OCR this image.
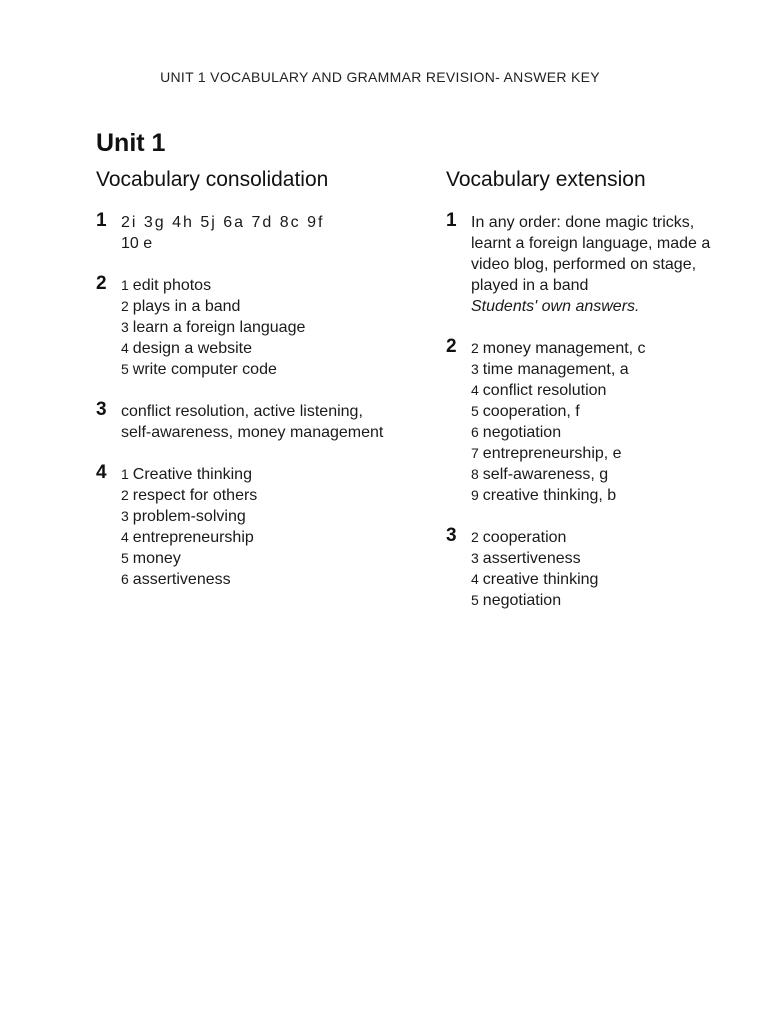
UNIT 1 VOCABULARY AND GRAMMAR REVISION- ANSWER KEY
Unit 1
Vocabulary consolidation
1 2i 3g 4h 5j 6a 7d 8c 9f
10 e
2 1 edit photos
2 plays in a band
3 learn a foreign language
4 design a website
5 write computer code
3 conflict resolution, active listening,
self-awareness, money management
4 1 Creative thinking
2 respect for others
3 problem-solving
4 entrepreneurship
5 money
6 assertiveness
Vocabulary extension
1 In any order: done magic tricks,
learnt a foreign language, made a
video blog, performed on stage,
played in a band
Students' own answers.
2 2 money management, c
3 time management, a
4 conflict resolution
5 cooperation, f
6 negotiation
7 entrepreneurship, e
8 self-awareness, g
9 creative thinking, b
3 2 cooperation
3 assertiveness
4 creative thinking
5 negotiation
